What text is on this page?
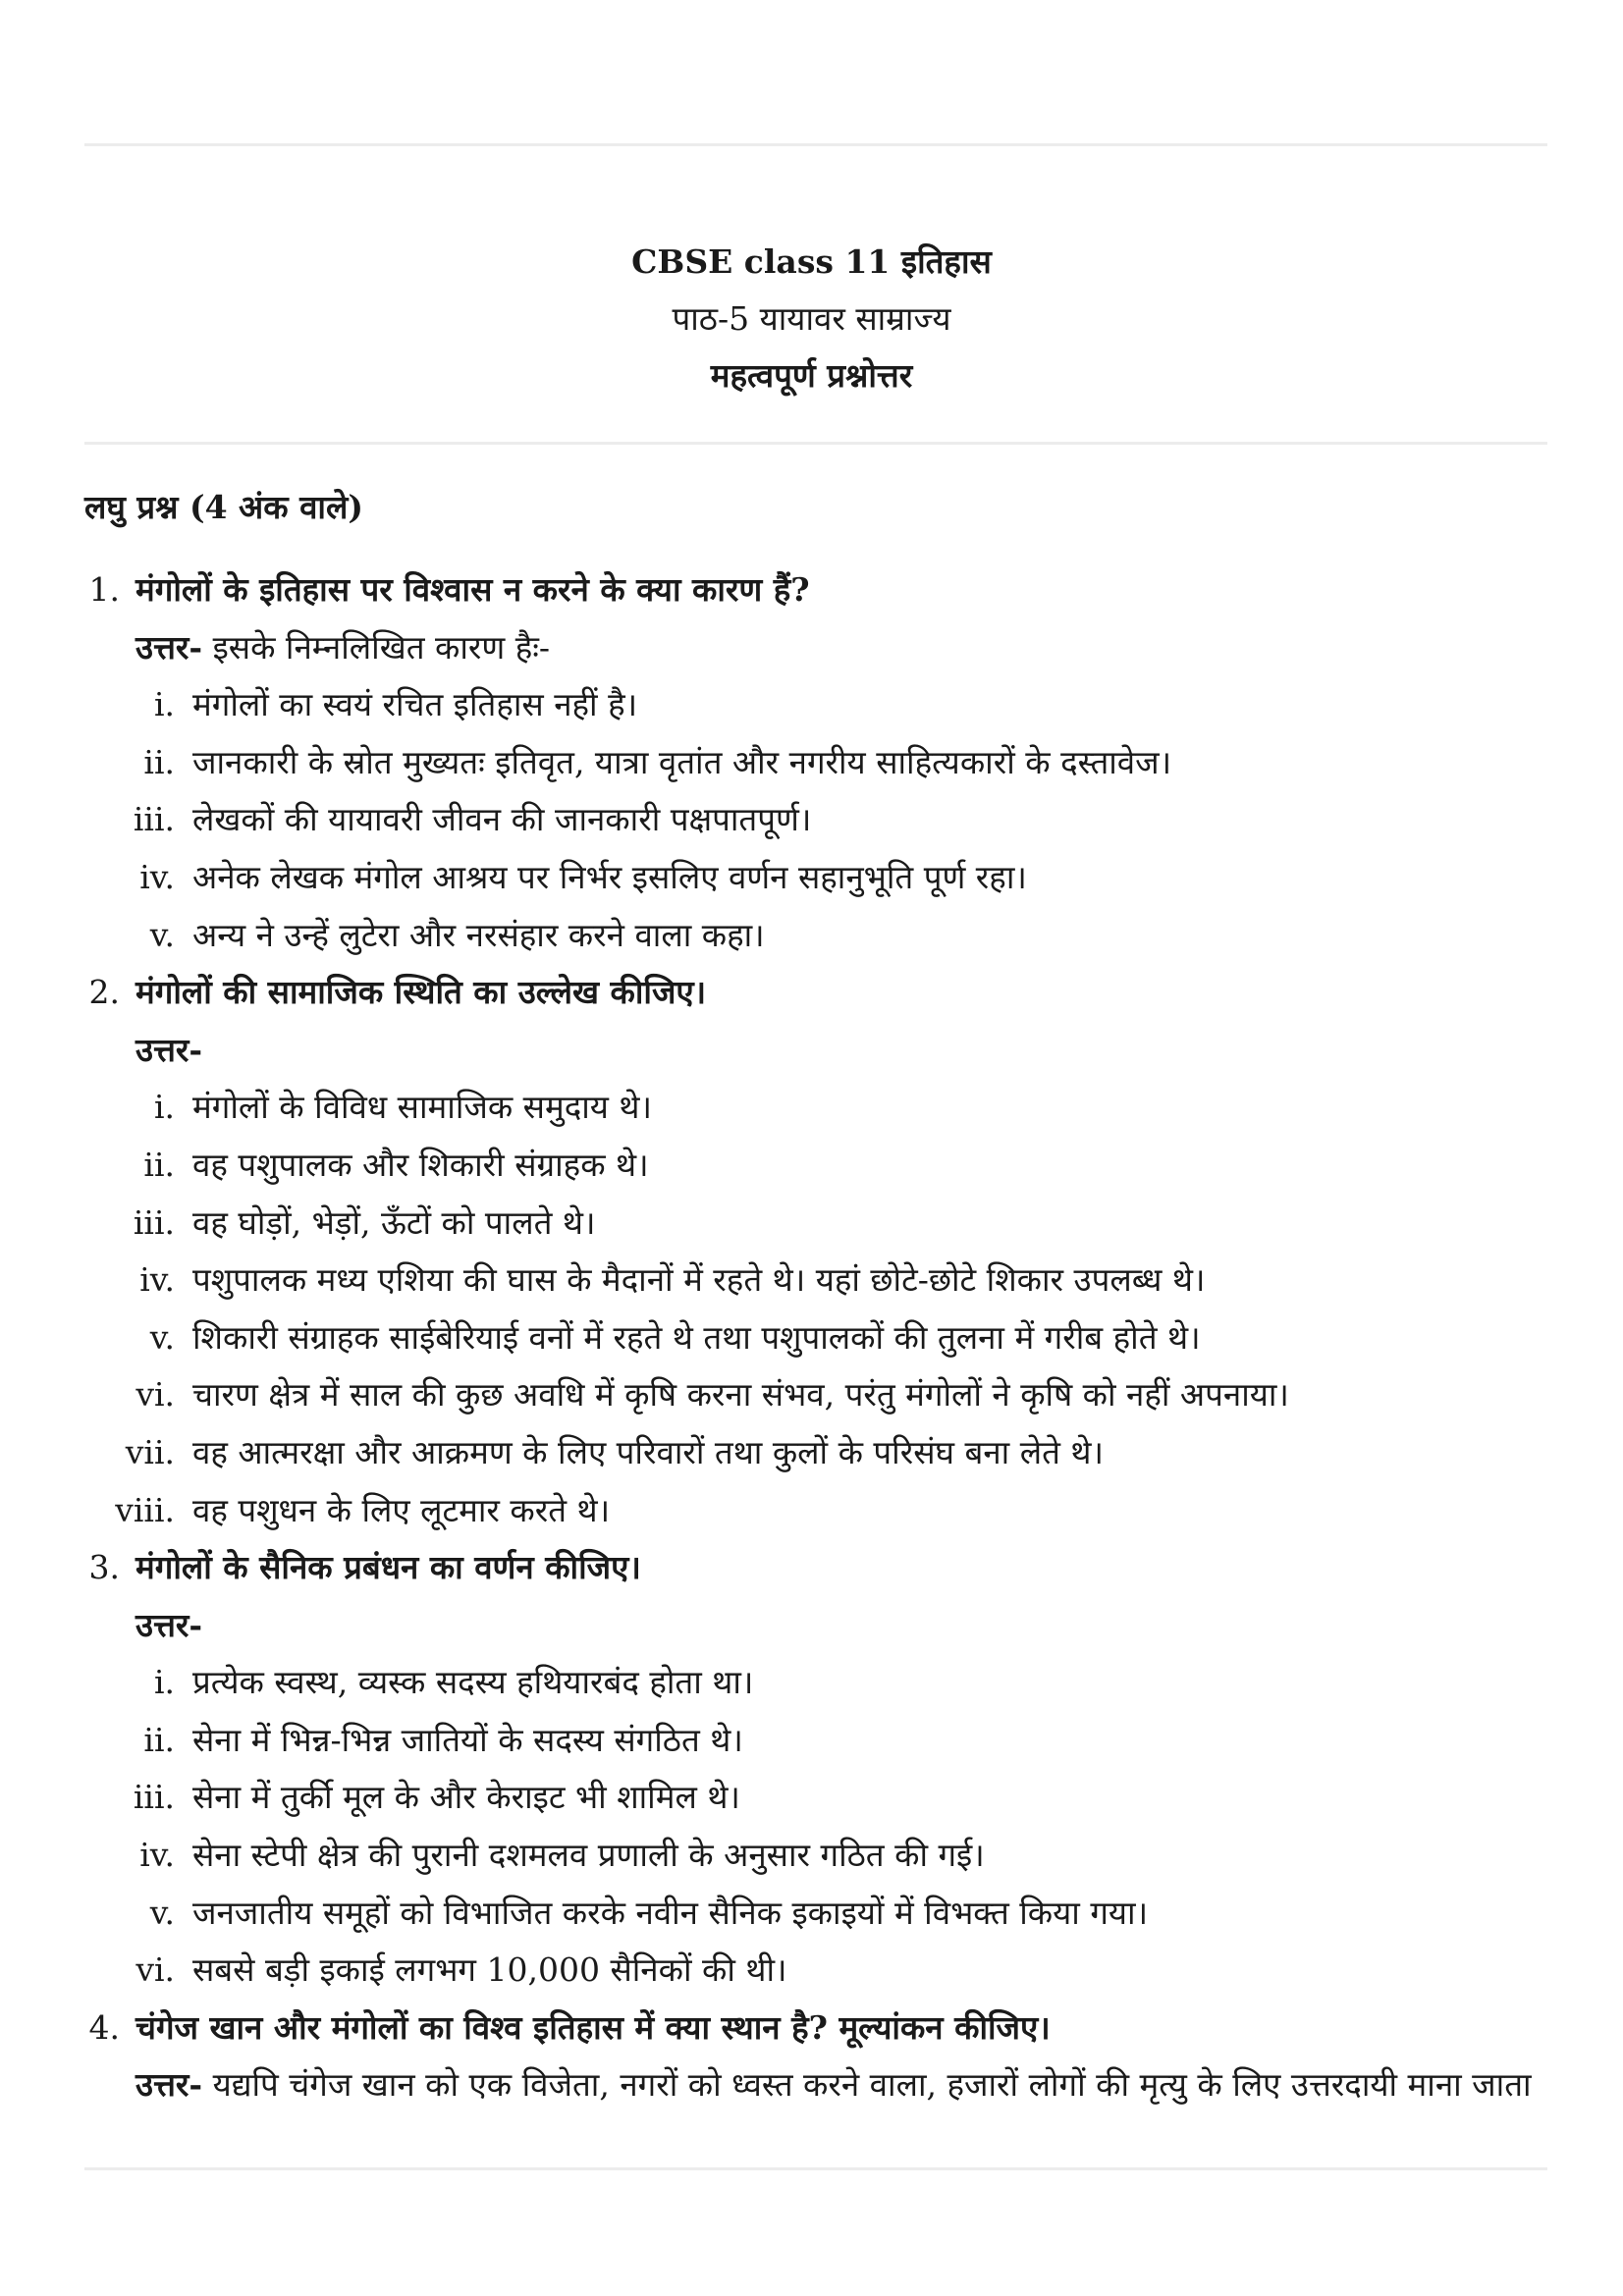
CBSE class 11 इतिहास
पाठ-5 यायावर साम्राज्य
महत्वपूर्ण प्रश्नोत्तर
लघु प्रश्न (4 अंक वाले)
1. मंगोलों के इतिहास पर विश्वास न करने के क्या कारण हैं?
उत्तर- इसके निम्नलिखित कारण हैः-
i. मंगोलों का स्वयं रचित इतिहास नहीं है।
ii. जानकारी के स्रोत मुख्यतः इतिवृत, यात्रा वृतांत और नगरीय साहित्यकारों के दस्तावेज।
iii. लेखकों की यायावरी जीवन की जानकारी पक्षपातपूर्ण।
iv. अनेक लेखक मंगोल आश्रय पर निर्भर इसलिए वर्णन सहानुभूति पूर्ण रहा।
v. अन्य ने उन्हें लुटेरा और नरसंहार करने वाला कहा।
2. मंगोलों की सामाजिक स्थिति का उल्लेख कीजिए।
उत्तर-
i. मंगोलों के विविध सामाजिक समुदाय थे।
ii. वह पशुपालक और शिकारी संग्राहक थे।
iii. वह घोड़ों, भेड़ों, ऊँटों को पालते थे।
iv. पशुपालक मध्य एशिया की घास के मैदानों में रहते थे। यहां छोटे-छोटे शिकार उपलब्ध थे।
v. शिकारी संग्राहक साईबेरियाई वनों में रहते थे तथा पशुपालकों की तुलना में गरीब होते थे।
vi. चारण क्षेत्र में साल की कुछ अवधि में कृषि करना संभव, परंतु मंगोलों ने कृषि को नहीं अपनाया।
vii. वह आत्मरक्षा और आक्रमण के लिए परिवारों तथा कुलों के परिसंघ बना लेते थे।
viii. वह पशुधन के लिए लूटमार करते थे।
3. मंगोलों के सैनिक प्रबंधन का वर्णन कीजिए।
उत्तर-
i. प्रत्येक स्वस्थ, व्यस्क सदस्य हथियारबंद होता था।
ii. सेना में भिन्न-भिन्न जातियों के सदस्य संगठित थे।
iii. सेना में तुर्की मूल के और केराइट भी शामिल थे।
iv. सेना स्टेपी क्षेत्र की पुरानी दशमलव प्रणाली के अनुसार गठित की गई।
v. जनजातीय समूहों को विभाजित करके नवीन सैनिक इकाइयों में विभक्त किया गया।
vi. सबसे बड़ी इकाई लगभग 10,000 सैनिकों की थी।
4. चंगेज खान और मंगोलों का विश्व इतिहास में क्या स्थान है? मूल्यांकन कीजिए।
उत्तर- यद्यपि चंगेज खान को एक विजेता, नगरों को ध्वस्त करने वाला, हजारों लोगों की मृत्यु के लिए उत्तरदायी माना जाता
